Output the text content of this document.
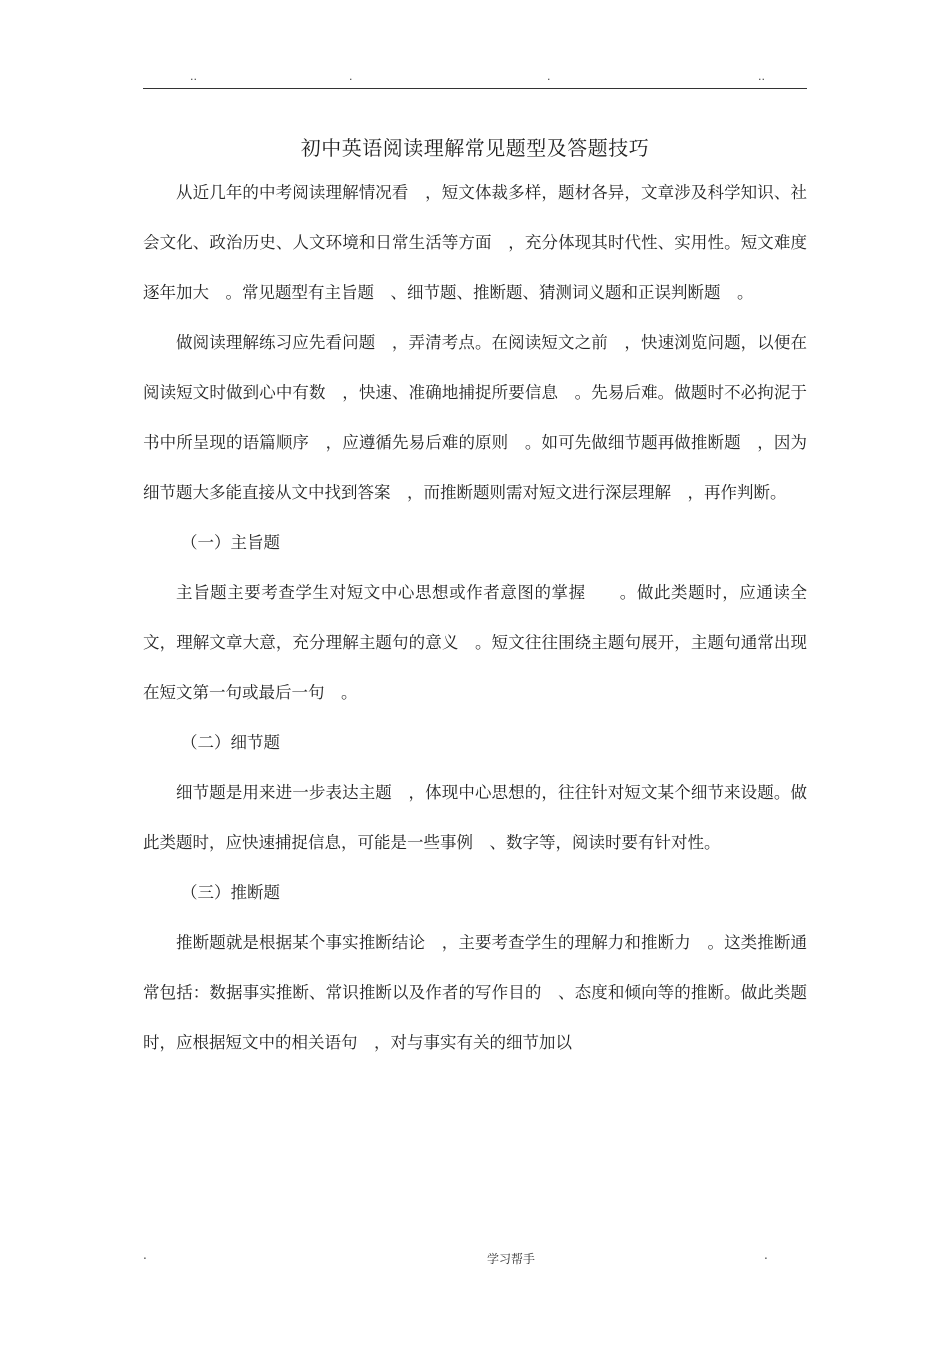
..	.	.	..
初中英语阅读理解常见题型及答题技巧

从近几年的中考阅读理解情况看　，短文体裁多样，题材各异，文章涉及科学知识、社会文化、政治历史、人文环境和日常生活等方面　，充分体现其时代性、实用性。短文难度逐年加大　。常见题型有主旨题　、细节题、推断题、猜测词义题和正误判断题　。

做阅读理解练习应先看问题　，弄清考点。在阅读短文之前　，快速浏览问题，以便在阅读短文时做到心中有数　，快速、准确地捕捉所要信息　。先易后难。做题时不必拘泥于书中所呈现的语篇顺序　，应遵循先易后难的原则　。如可先做细节题再做推断题　，因为细节题大多能直接从文中找到答案　，而推断题则需对短文进行深层理解　，再作判断。

（一）主旨题

主旨题主要考查学生对短文中心思想或作者意图的掌握　　。做此类题时，应通读全文，理解文章大意，充分理解主题句的意义　。短文往往围绕主题句展开，主题句通常出现在短文第一句或最后一句　。

（二）细节题

细节题是用来进一步表达主题　，体现中心思想的，往往针对短文某个细节来设题。做此类题时，应快速捕捉信息，可能是一些事例　、数字等，阅读时要有针对性。

（三）推断题

推断题就是根据某个事实推断结论　，主要考查学生的理解力和推断力　。这类推断通常包括：数据事实推断、常识推断以及作者的写作目的　、态度和倾向等的推断。做此类题时，应根据短文中的相关语句　，对与事实有关的细节加以

.	学习帮手	.
